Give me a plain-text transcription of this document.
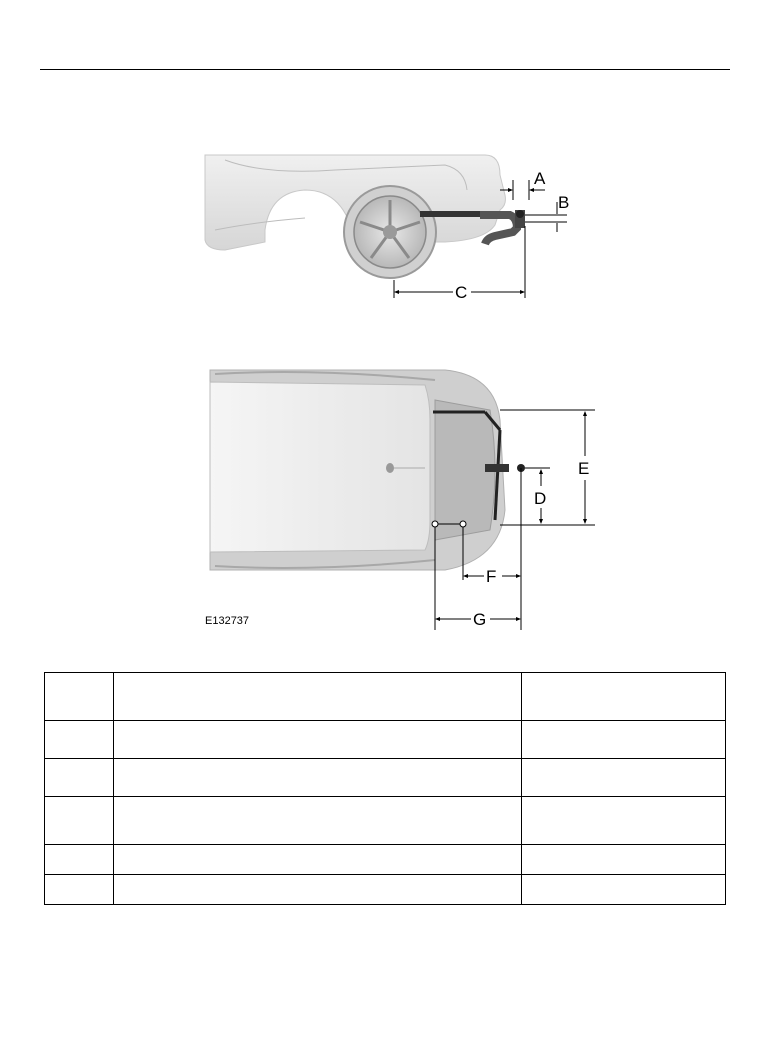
A
B
C
E
D
F
G
E132737
